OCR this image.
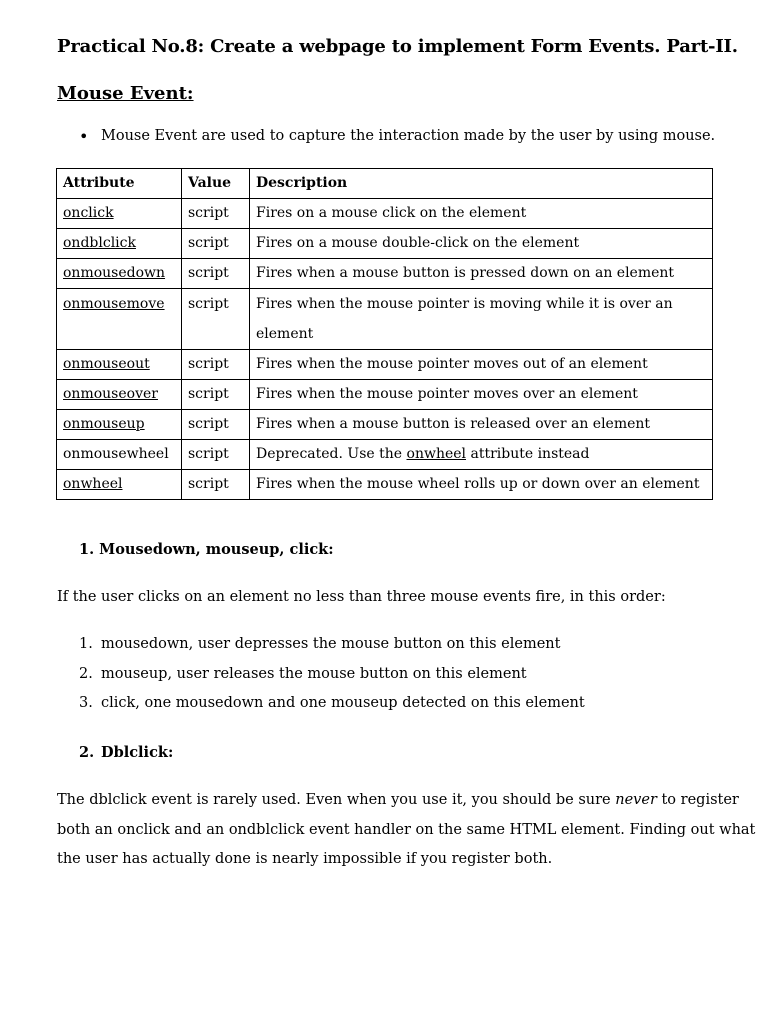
Practical No.8: Create a webpage to implement Form Events. Part-II.
Mouse Event:
• Mouse Event are used to capture the interaction made by the user by using mouse.
Attribute	Value	Description
onclick	script	Fires on a mouse click on the element
ondblclick	script	Fires on a mouse double-click on the element
onmousedown	script	Fires when a mouse button is pressed down on an element
onmousemove	script	Fires when the mouse pointer is moving while it is over an
element
onmouseout	script	Fires when the mouse pointer moves out of an element
onmouseover	script	Fires when the mouse pointer moves over an element
onmouseup	script	Fires when a mouse button is released over an element
onmousewheel	script	Deprecated. Use the onwheel attribute instead
onwheel	script	Fires when the mouse wheel rolls up or down over an element
1. Mousedown, mouseup, click:

If the user clicks on an element no less than three mouse events fire, in this order:

1. mousedown, user depresses the mouse button on this element
2. mouseup, user releases the mouse button on this element
3. click, one mousedown and one mouseup detected on this element
2. Dblclick:
The dblclick event is rarely used. Even when you use it, you should be sure never to register
both an onclick and an ondblclick event handler on the same HTML element. Finding out what
the user has actually done is nearly impossible if you register both.
